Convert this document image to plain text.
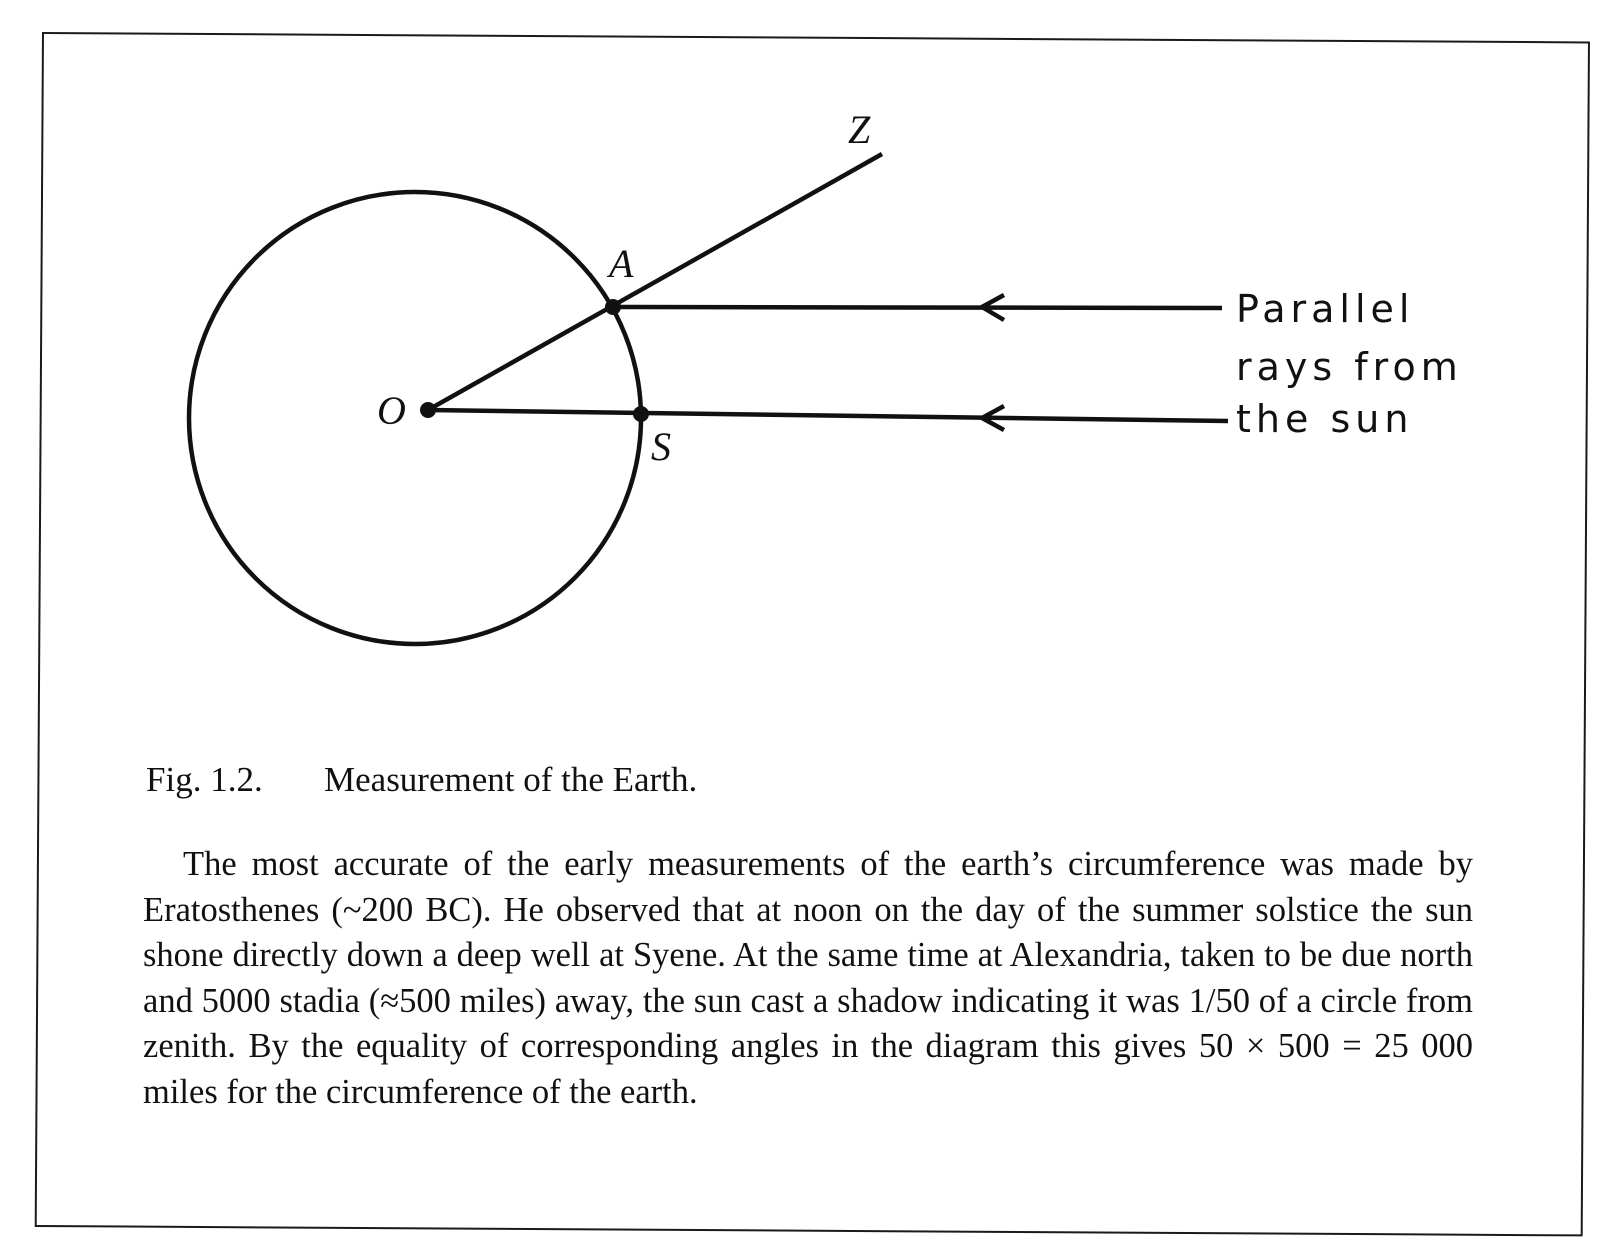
O
A
S
Z
Parallel
rays from
the sun
Fig. 1.2. Measurement of the Earth.

The most accurate of the early measurements of the earth’s circumference was made by Eratosthenes (~200 BC). He observed that at noon on the day of the summer solstice the sun shone directly down a deep well at Syene. At the same time at Alexandria, taken to be due north and 5000 stadia (≈500 miles) away, the sun cast a shadow indicating it was 1/50 of a circle from zenith. By the equality of corresponding angles in the diagram this gives 50 × 500 = 25 000 miles for the circumference of the earth.
